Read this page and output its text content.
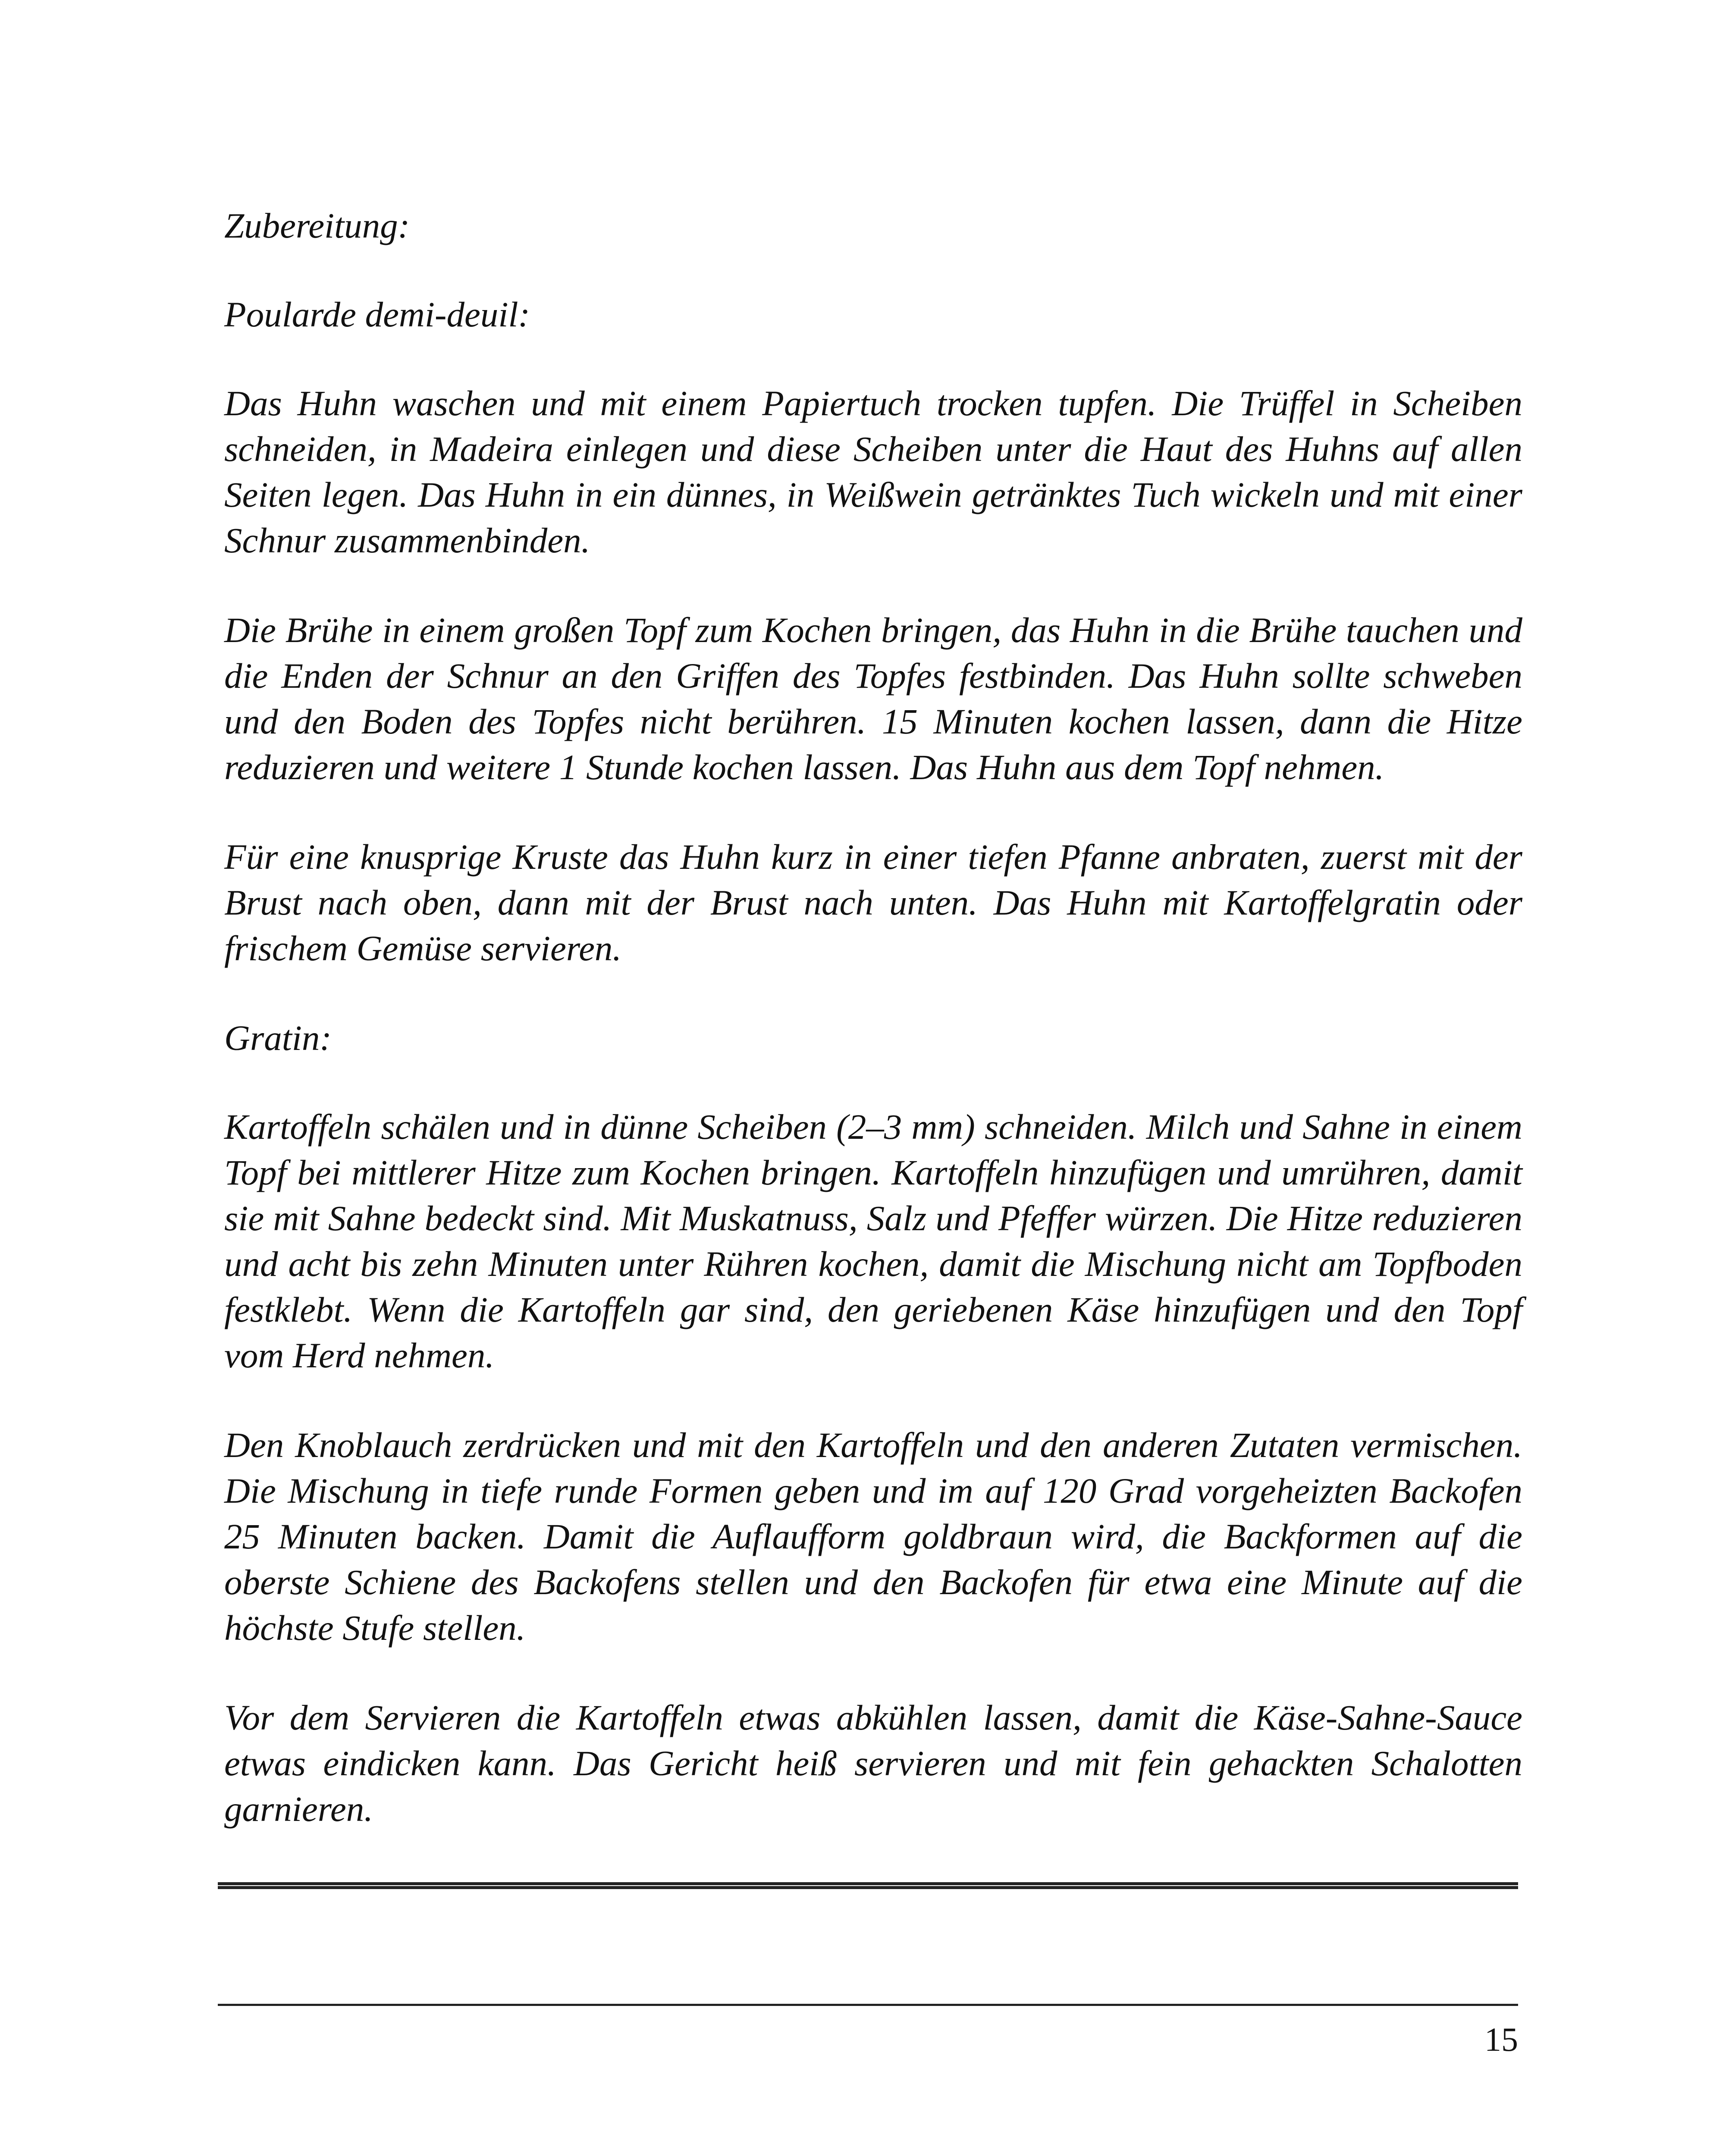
Zubereitung:

Poularde demi-deuil:

Das Huhn waschen und mit einem Papiertuch trocken tupfen. Die Trüffel in Scheiben schneiden, in Madeira einlegen und diese Scheiben unter die Haut des Huhns auf allen Seiten legen. Das Huhn in ein dünnes, in Weißwein getränktes Tuch wickeln und mit einer Schnur zusammenbinden.

Die Brühe in einem großen Topf zum Kochen bringen, das Huhn in die Brühe tauchen und die Enden der Schnur an den Griffen des Topfes festbinden. Das Huhn sollte schweben und den Boden des Topfes nicht berühren. 15 Minuten kochen lassen, dann die Hitze reduzieren und weitere 1 Stunde kochen lassen. Das Huhn aus dem Topf nehmen.

Für eine knusprige Kruste das Huhn kurz in einer tiefen Pfanne anbraten, zuerst mit der Brust nach oben, dann mit der Brust nach unten. Das Huhn mit Kartoffelgratin oder frischem Gemüse servieren.

Gratin:

Kartoffeln schälen und in dünne Scheiben (2–3 mm) schneiden. Milch und Sahne in einem Topf bei mittlerer Hitze zum Kochen bringen. Kartoffeln hinzufügen und umrühren, damit sie mit Sahne bedeckt sind. Mit Muskatnuss, Salz und Pfeffer würzen. Die Hitze reduzieren und acht bis zehn Minuten unter Rühren kochen, damit die Mischung nicht am Topfboden festklebt. Wenn die Kartoffeln gar sind, den geriebenen Käse hinzufügen und den Topf vom Herd nehmen.

Den Knoblauch zerdrücken und mit den Kartoffeln und den anderen Zutaten vermischen. Die Mischung in tiefe runde Formen geben und im auf 120 Grad vorgeheizten Backofen 25 Minuten backen. Damit die Auflaufform goldbraun wird, die Backformen auf die oberste Schiene des Backofens stellen und den Backofen für etwa eine Minute auf die höchste Stufe stellen.

Vor dem Servieren die Kartoffeln etwas abkühlen lassen, damit die Käse-Sahne-Sauce etwas eindicken kann. Das Gericht heiß servieren und mit fein gehackten Schalotten garnieren.

15
